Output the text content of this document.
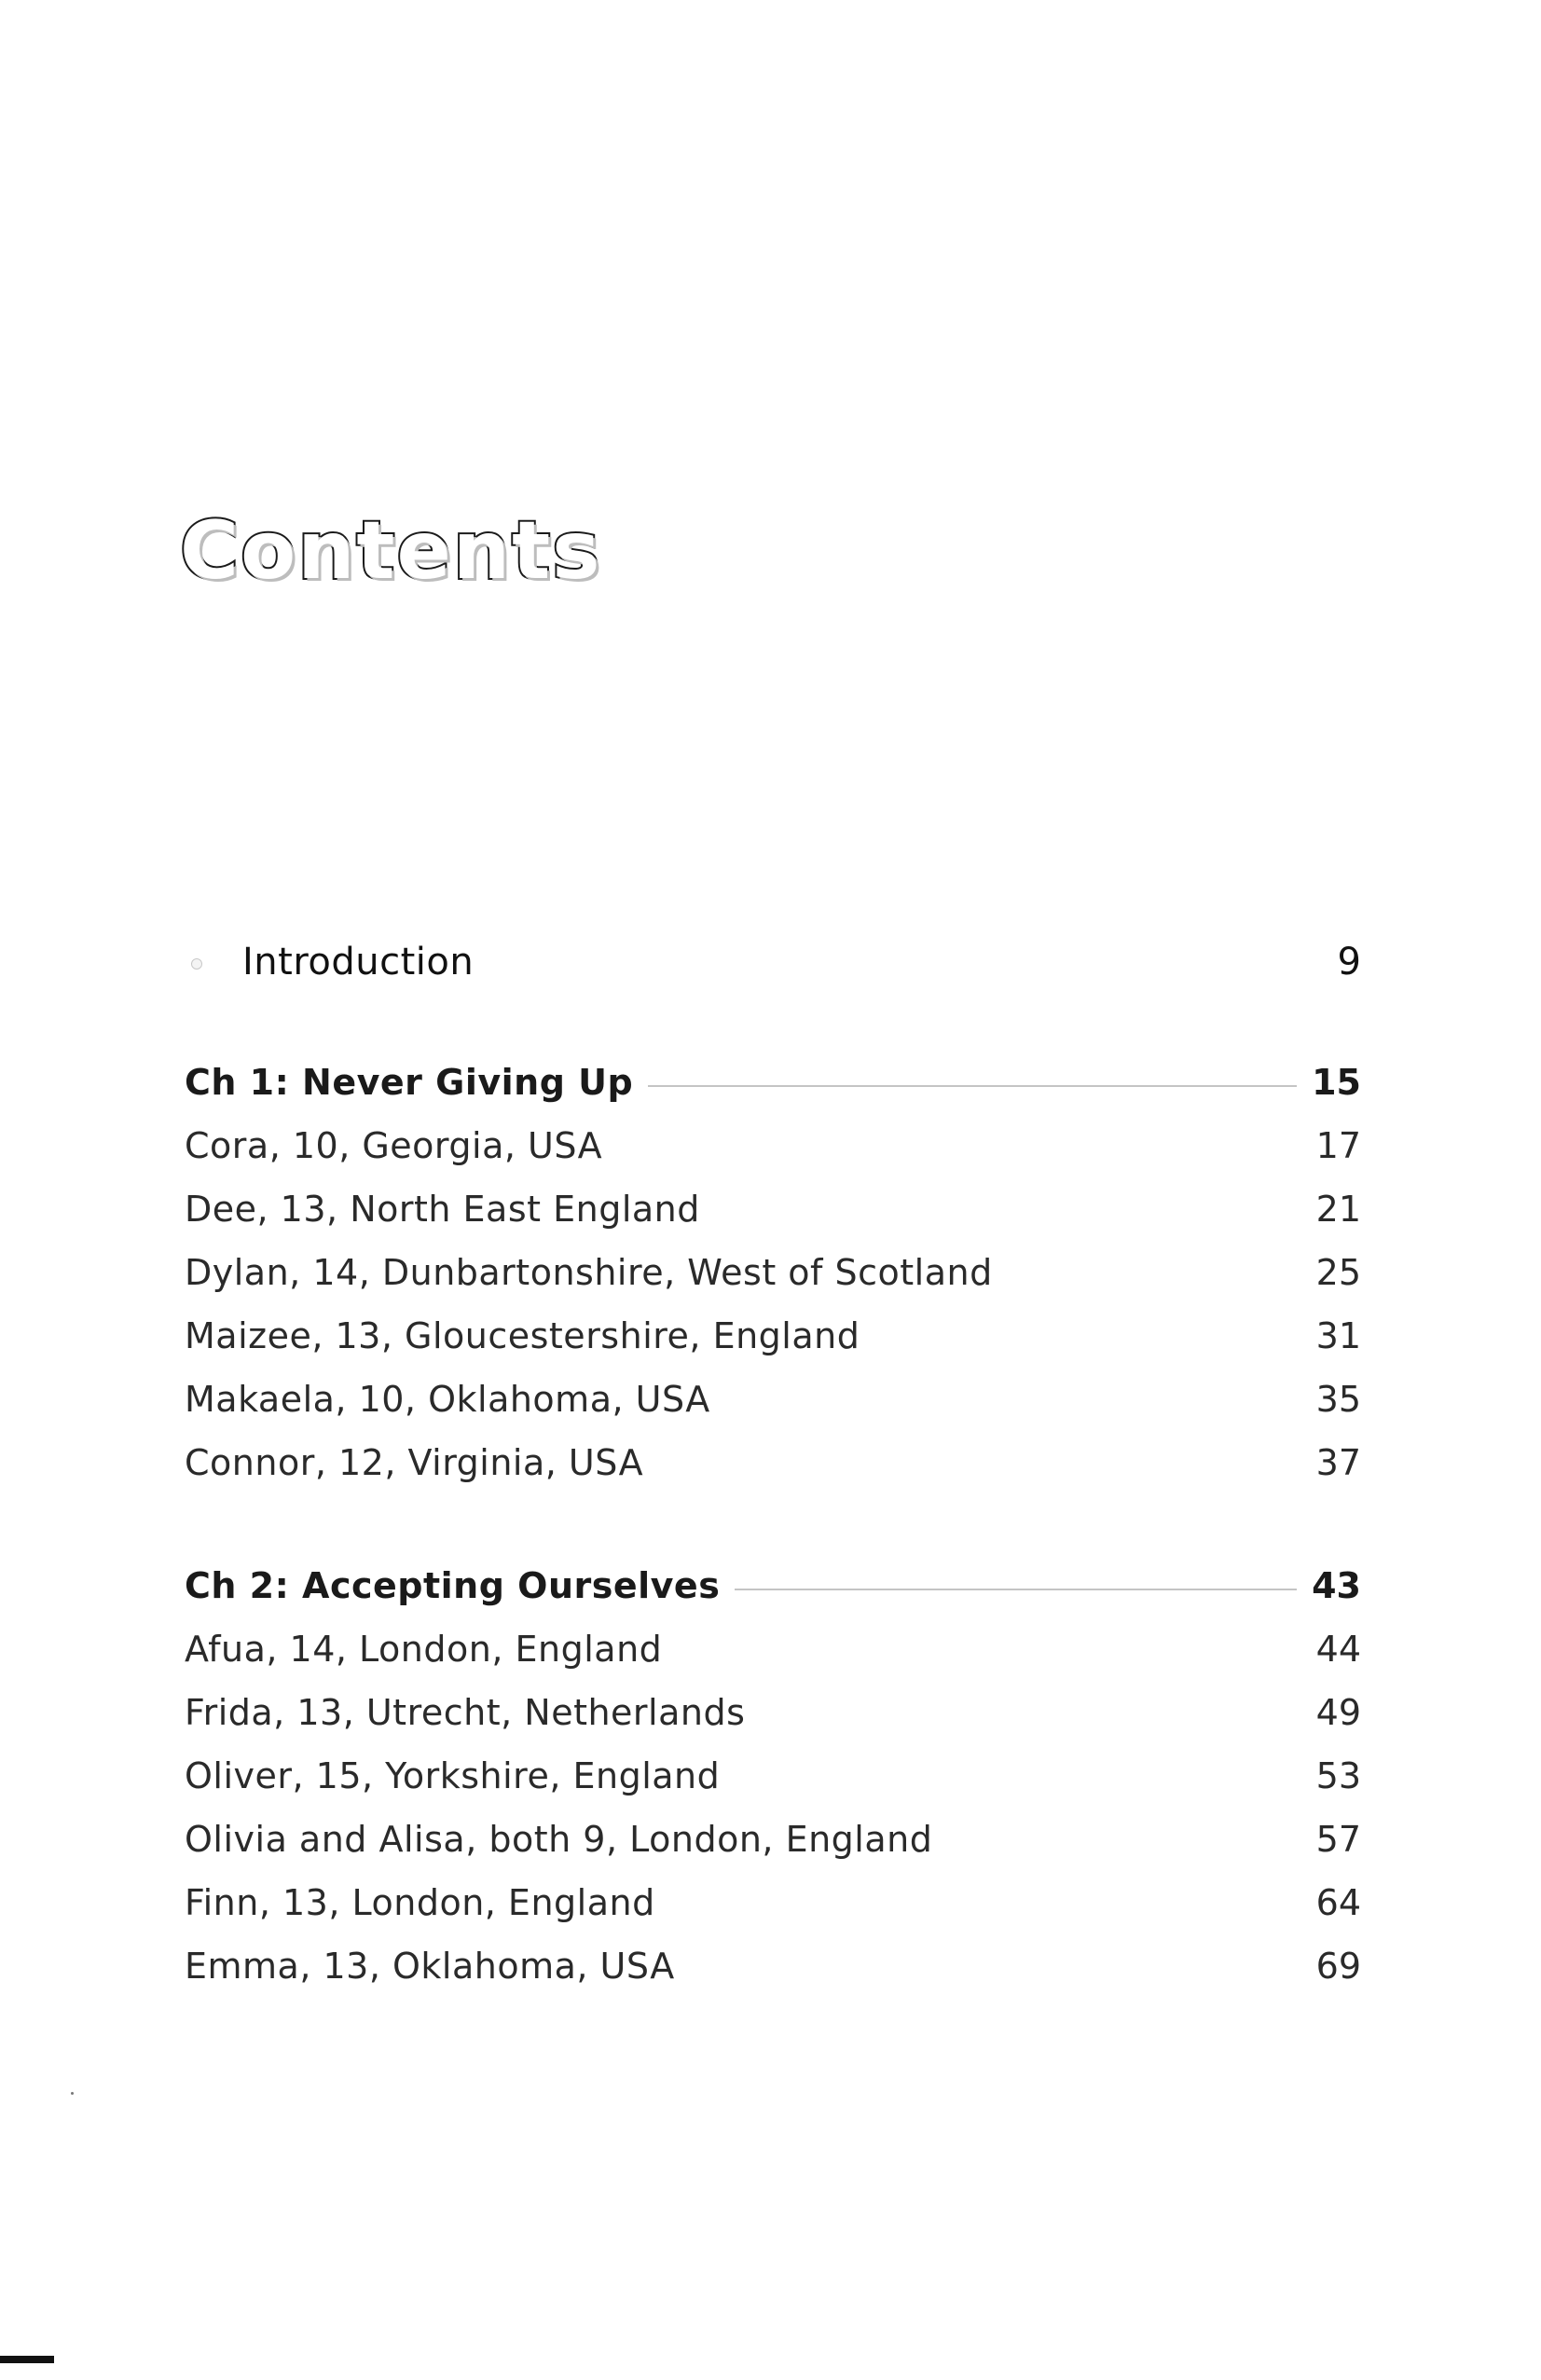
Contents
Introduction	9
Ch 1: Never Giving Up	15
Cora, 10, Georgia, USA	17
Dee, 13, North East England	21
Dylan, 14, Dunbartonshire, West of Scotland	25
Maizee, 13, Gloucestershire, England	31
Makaela, 10, Oklahoma, USA	35
Connor, 12, Virginia, USA	37
Ch 2: Accepting Ourselves	43
Afua, 14, London, England	44
Frida, 13, Utrecht, Netherlands	49
Oliver, 15, Yorkshire, England	53
Olivia and Alisa, both 9, London, England	57
Finn, 13, London, England	64
Emma, 13, Oklahoma, USA	69
